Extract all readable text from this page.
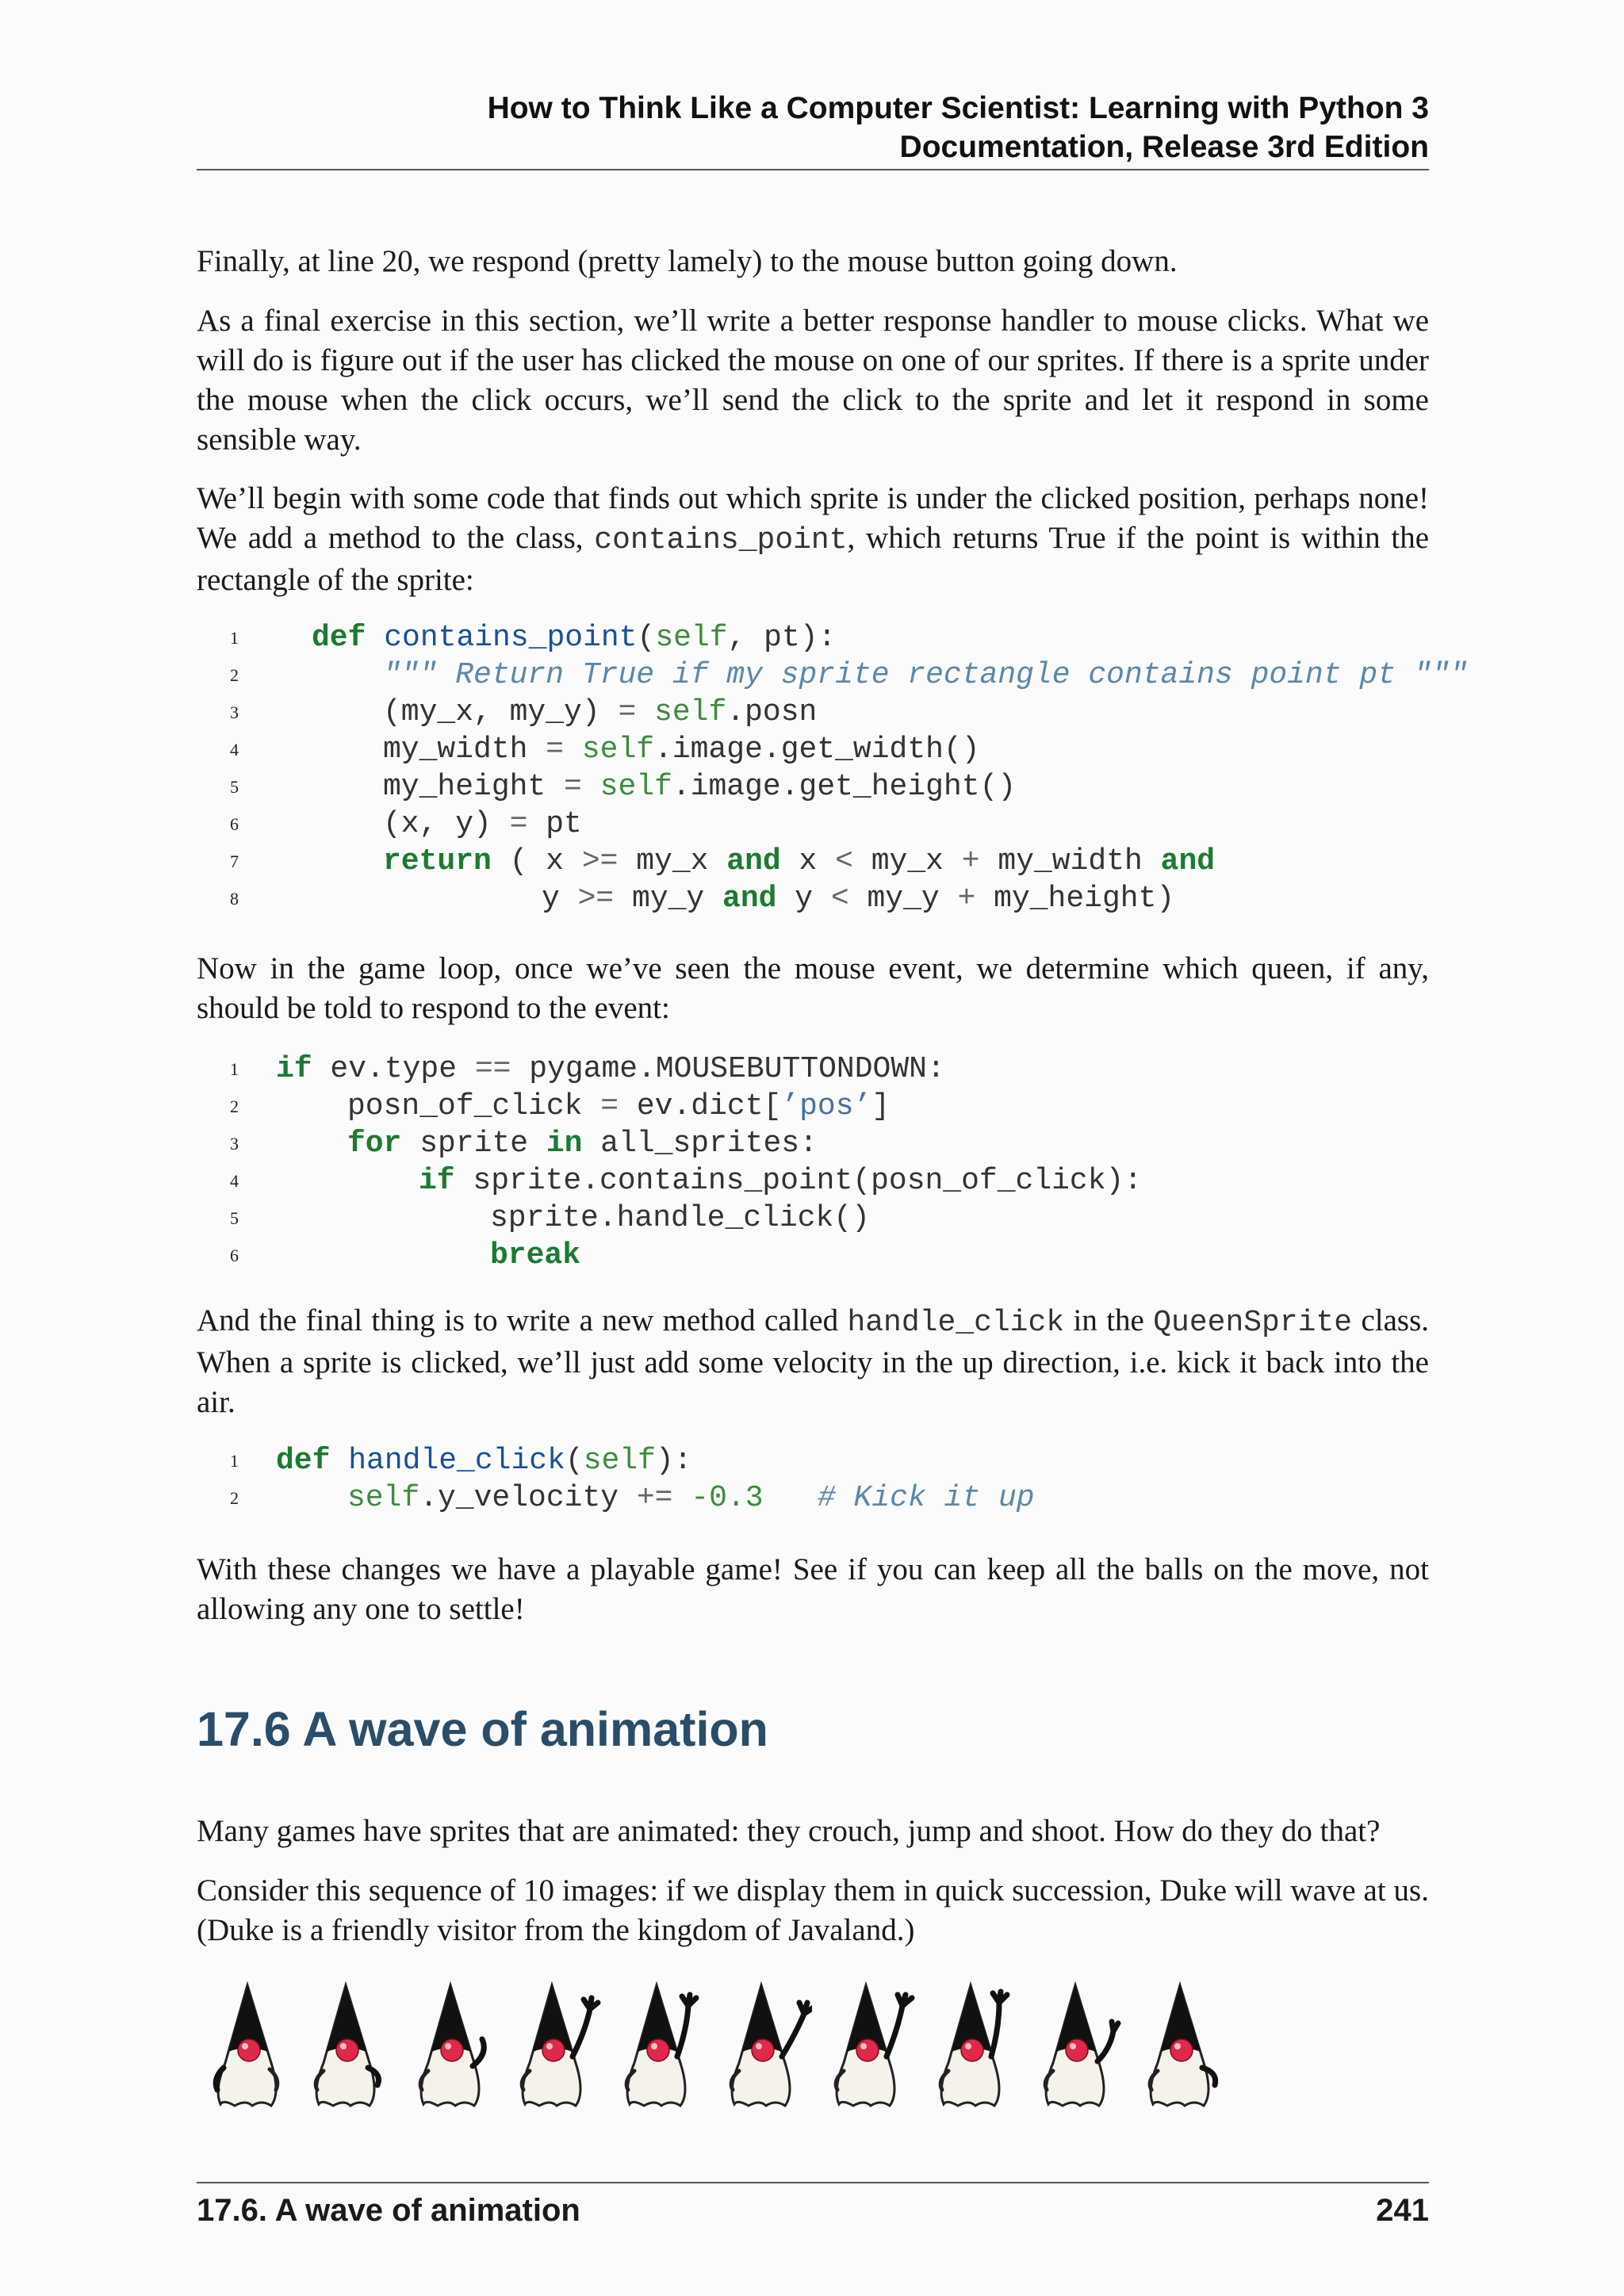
How to Think Like a Computer Scientist: Learning with Python 3
Documentation, Release 3rd Edition

Finally, at line 20, we respond (pretty lamely) to the mouse button going down.

As a final exercise in this section, we’ll write a better response handler to mouse clicks. What we will do is figure out if the user has clicked the mouse on one of our sprites. If there is a sprite under the mouse when the click occurs, we’ll send the click to the sprite and let it respond in some sensible way.

We’ll begin with some code that finds out which sprite is under the clicked position, perhaps none! We add a method to the class, contains_point, which returns True if the point is within the rectangle of the sprite:

1	def contains_point(self, pt):
2	""" Return True if my sprite rectangle contains point pt """
3	(my_x, my_y) = self.posn
4	my_width = self.image.get_width()
5	my_height = self.image.get_height()
6	(x, y) = pt
7	return ( x >= my_x and x < my_x + my_width and
8	y >= my_y and y < my_y + my_height)

Now in the game loop, once we’ve seen the mouse event, we determine which queen, if any, should be told to respond to the event:

1	if ev.type == pygame.MOUSEBUTTONDOWN:
2	posn_of_click = ev.dict[’pos’]
3	for sprite in all_sprites:
4	if sprite.contains_point(posn_of_click):
5	sprite.handle_click()
6	break

And the final thing is to write a new method called handle_click in the QueenSprite class. When a sprite is clicked, we’ll just add some velocity in the up direction, i.e. kick it back into the air.

1	def handle_click(self):
2	self.y_velocity += -0.3 # Kick it up

With these changes we have a playable game! See if you can keep all the balls on the move, not allowing any one to settle!

17.6 A wave of animation

Many games have sprites that are animated: they crouch, jump and shoot. How do they do that?

Consider this sequence of 10 images: if we display them in quick succession, Duke will wave at us. (Duke is a friendly visitor from the kingdom of Javaland.)

17.6. A wave of animation	241
